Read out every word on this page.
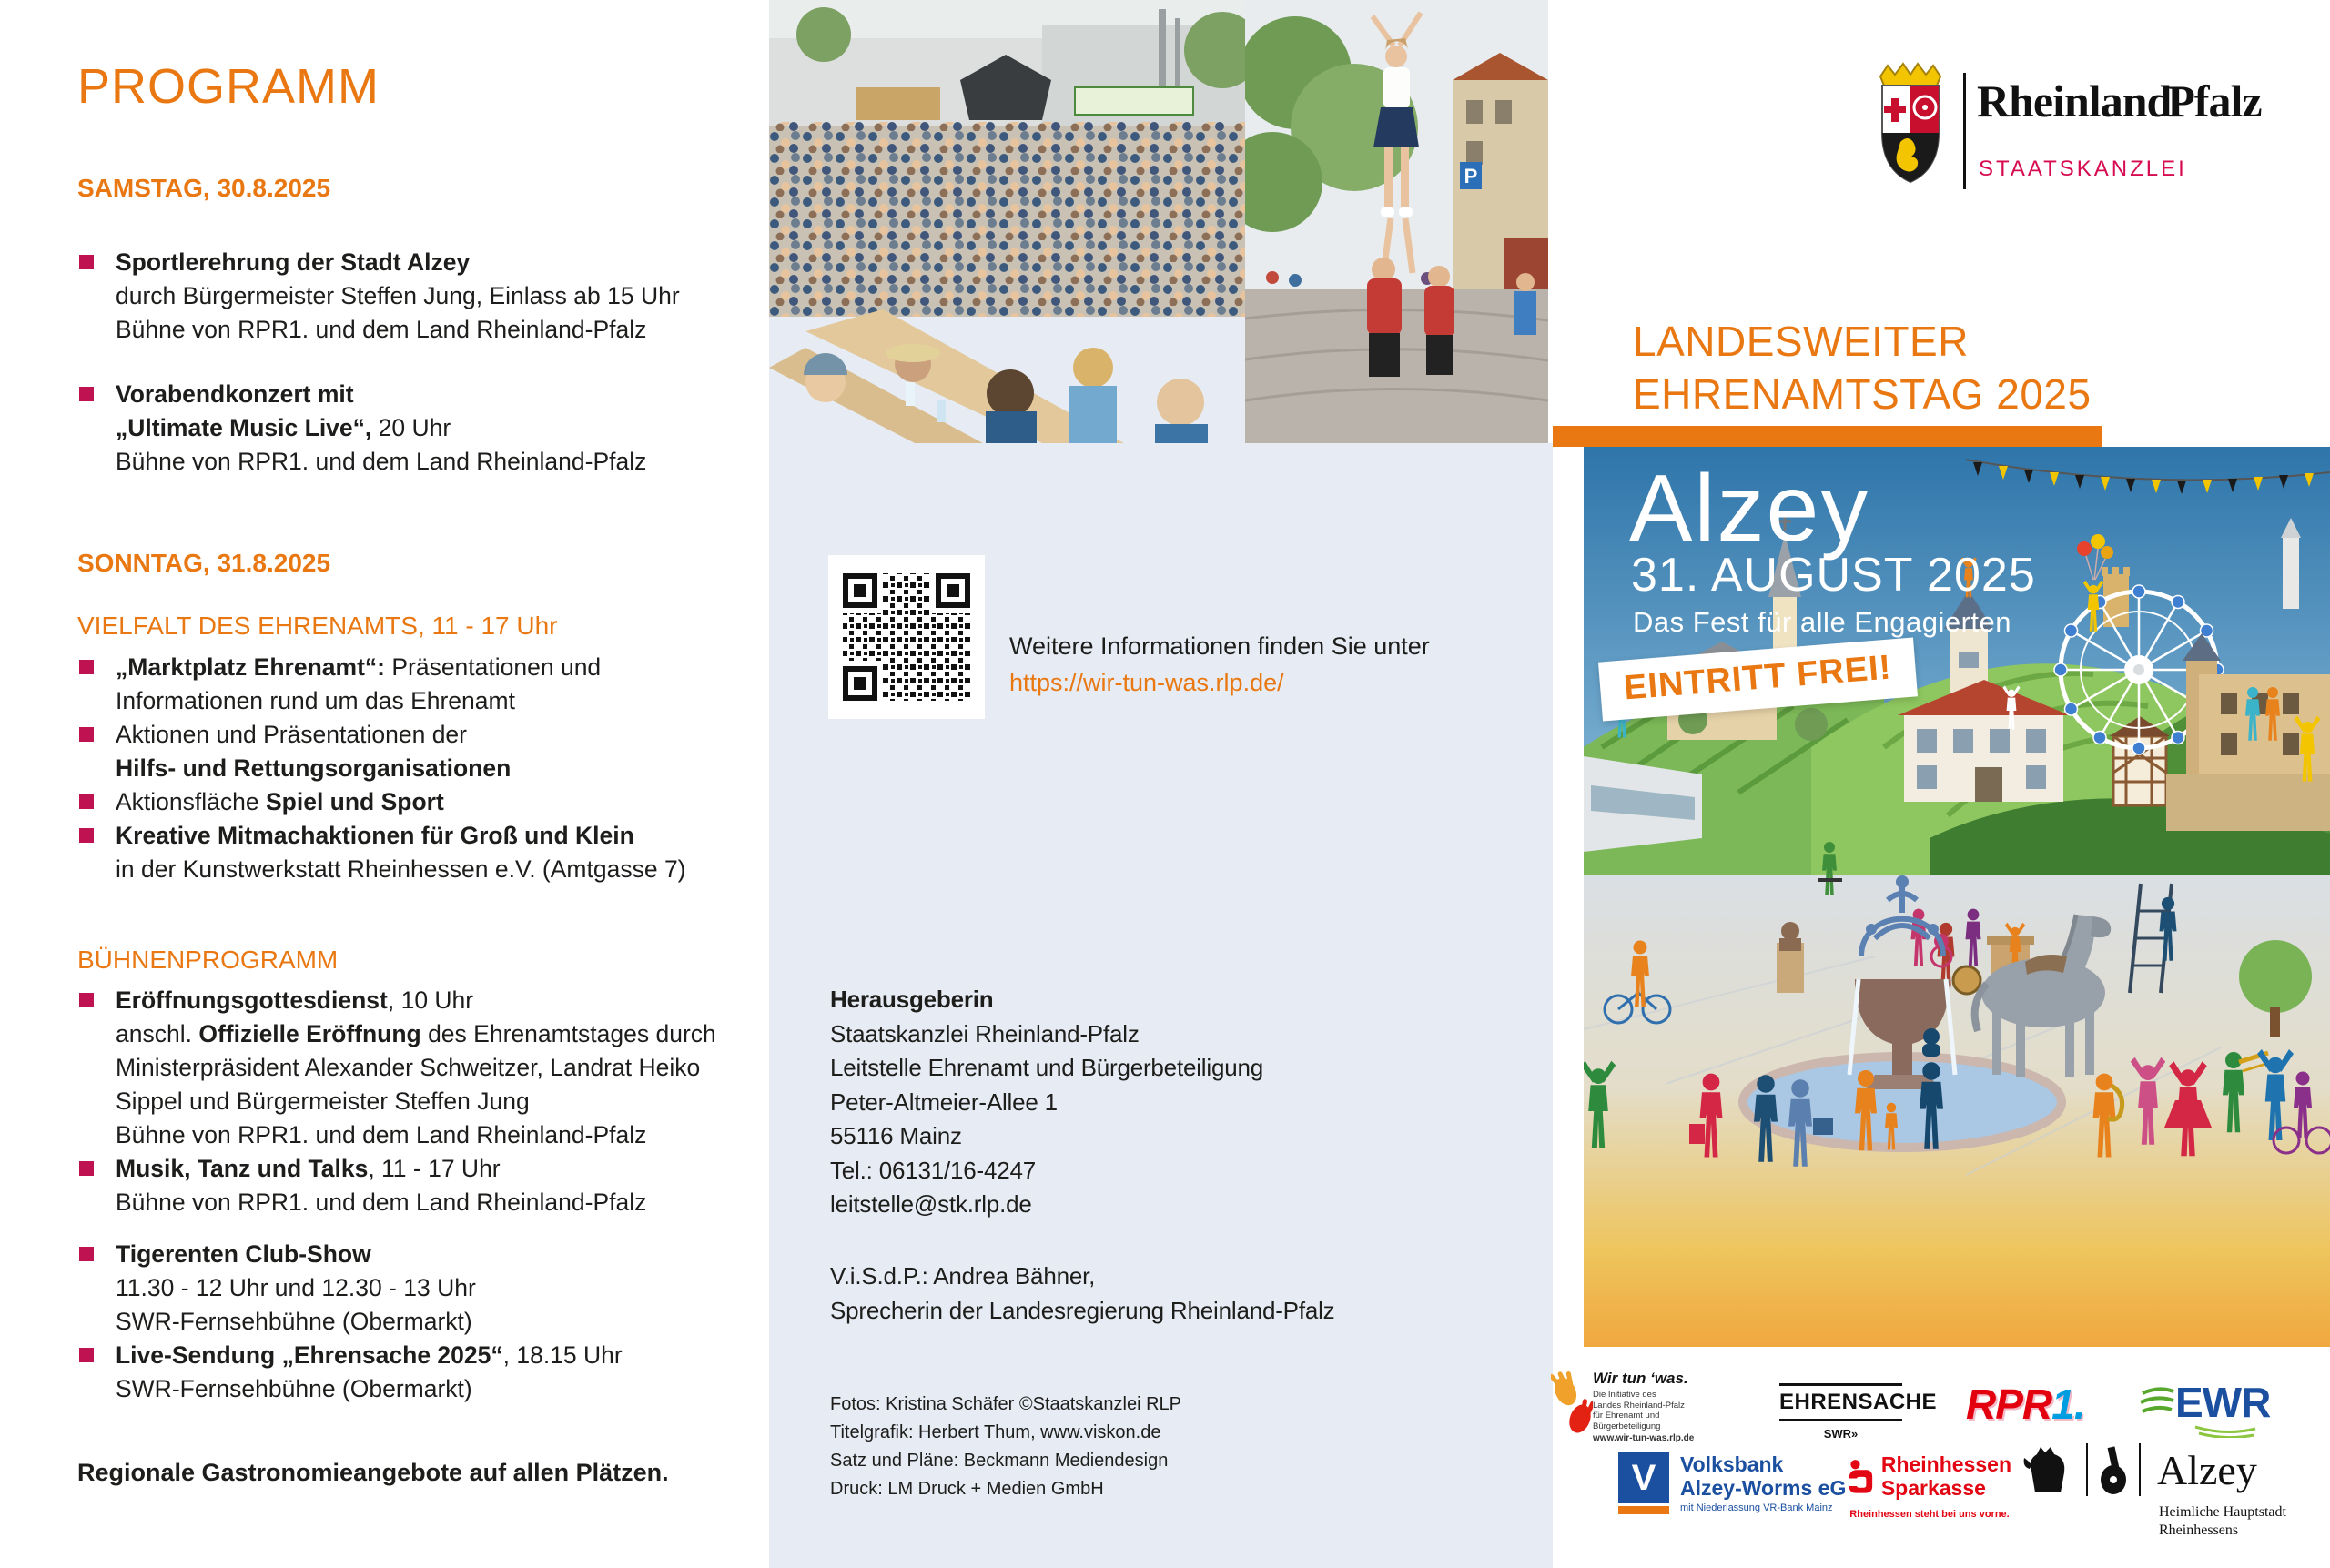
PROGRAMM
SAMSTAG, 30.8.2025
Sportlerehrung der Stadt Alzey
durch Bürgermeister Steffen Jung, Einlass ab 15 Uhr
Bühne von RPR1. und dem Land Rheinland-Pfalz
Vorabendkonzert mit
„Ultimate Music Live“, 20 Uhr
Bühne von RPR1. und dem Land Rheinland-Pfalz
SONNTAG, 31.8.2025
VIELFALT DES EHRENAMTS, 11 - 17 Uhr
„Marktplatz Ehrenamt“: Präsentationen und
Informationen rund um das Ehrenamt
Aktionen und Präsentationen der
Hilfs- und Rettungsorganisationen
Aktionsfläche Spiel und Sport
Kreative Mitmachaktionen für Groß und Klein
in der Kunstwerkstatt Rheinhessen e.V. (Amtgasse 7)
BÜHNENPROGRAMM
Eröffnungsgottesdienst, 10 Uhr
anschl. Offizielle Eröffnung des Ehrenamtstages durch
Ministerpräsident Alexander Schweitzer, Landrat Heiko
Sippel und Bürgermeister Steffen Jung
Bühne von RPR1. und dem Land Rheinland-Pfalz
Musik, Tanz und Talks, 11 - 17 Uhr
Bühne von RPR1. und dem Land Rheinland-Pfalz
Tigerenten Club-Show
11.30 - 12 Uhr und 12.30 - 13 Uhr
SWR-Fernsehbühne (Obermarkt)
Live-Sendung „Ehrensache 2025“, 18.15 Uhr
SWR-Fernsehbühne (Obermarkt)

Regionale Gastronomieangebote auf allen Plätzen.

P
Weitere Informationen finden Sie unter
https://wir-tun-was.rlp.de/
Herausgeberin
Staatskanzlei Rheinland-Pfalz
Leitstelle Ehrenamt und Bürgerbeteiligung
Peter-Altmeier-Allee 1
55116 Mainz
Tel.: 06131/16-4247
leitstelle@stk.rlp.de
V.i.S.d.P.: Andrea Bähner,
Sprecherin der Landesregierung Rheinland-Pfalz
Fotos: Kristina Schäfer ©Staatskanzlei RLP
Titelgrafik: Herbert Thum, www.viskon.de
Satz und Pläne: Beckmann Mediendesign
Druck: LM Druck + Medien GmbH
RheinlandPfalz
STAATSKANZLEI
LANDESWEITER
EHRENAMTSTAG 2025
Alzey
31. AUGUST 2025
Das Fest für alle Engagierten
EINTRITT FREI!
Wir tun ‘was.
Die Initiative des
Landes Rheinland-Pfalz
für Ehrenamt und
Bürgerbeteiligung
www.wir-tun-was.rlp.de
EHRENSACHE
SWR»
RPR1.	EWR
V	Volksbank
Alzey-Worms eG
mit Niederlassung VR-Bank Mainz
Rheinhessen
Sparkasse
Rheinhessen steht bei uns vorne.
Alzey
Heimliche Hauptstadt
Rheinhessens
